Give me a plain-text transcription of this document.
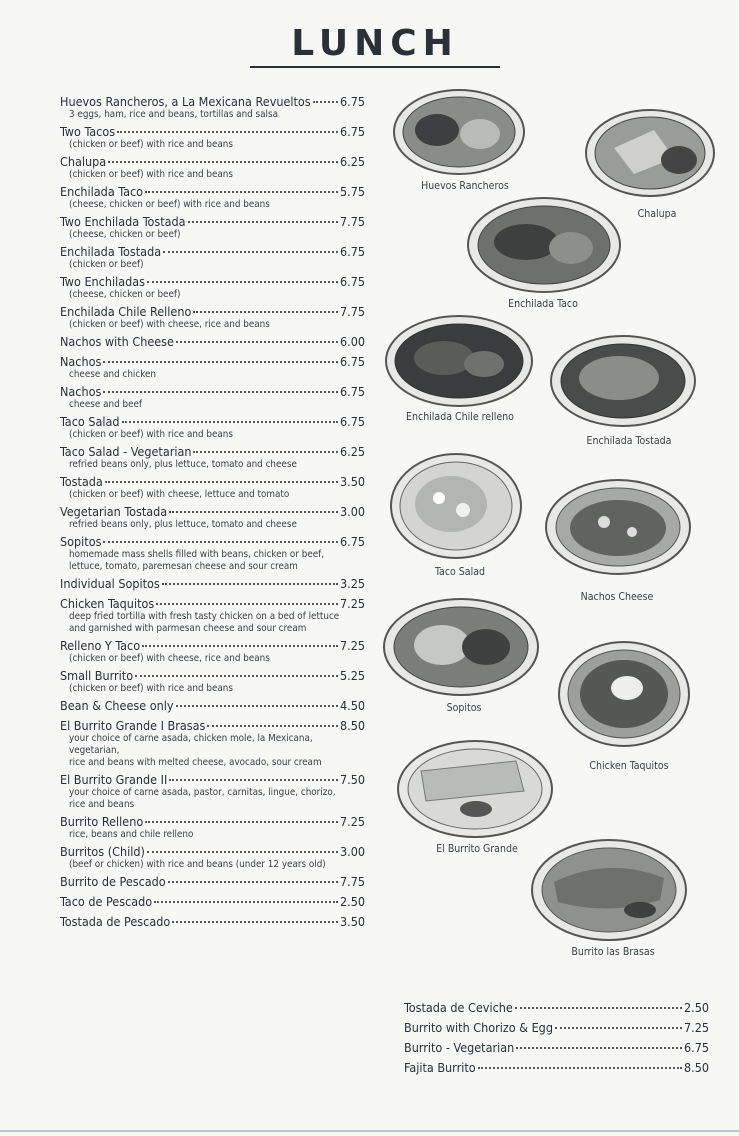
LUNCH
Huevos Rancheros, a La Mexicana Revueltos 6.75
3 eggs, ham, rice and beans, tortillas and salsa
Two Tacos	6.75
(chicken or beef) with rice and beans
Chalupa	6.25
(chicken or beef) with rice and beans
Enchilada Taco	5.75
(cheese, chicken or beef) with rice and beans
Two Enchilada Tostada	7.75
(cheese, chicken or beef)
Enchilada Tostada	6.75
(chicken or beef)
Two Enchiladas	6.75
(cheese, chicken or beef)
Enchilada Chile Relleno	7.75
(chicken or beef) with cheese, rice and beans
Nachos with Cheese	6.00
Nachos	6.75
cheese and chicken
Nachos	6.75
cheese and beef
Taco Salad	6.75
(chicken or beef) with rice and beans
Taco Salad - Vegetarian	6.25
refried beans only, plus lettuce, tomato and cheese
Tostada	3.50
(chicken or beef) with cheese, lettuce and tomato
Vegetarian Tostada	3.00
refried beans only, plus lettuce, tomato and cheese
Sopitos	6.75
homemade mass shells filled with beans, chicken or beef,
lettuce, tomato, paremesan cheese and sour cream
Individual Sopitos	3.25
Chicken Taquitos	7.25
deep fried tortilla with fresh tasty chicken on a bed of lettuce
and garnished with parmesan cheese and sour cream
Relleno Y Taco	7.25
(chicken or beef) with cheese, rice and beans
Small Burrito	5.25
(chicken or beef) with rice and beans
Bean & Cheese only	4.50
El Burrito Grande I Brasas	8.50
your choice of carne asada, chicken mole, la Mexicana, vegetarian,
rice and beans with melted cheese, avocado, sour cream
El Burrito Grande II	7.50
your choice of carne asada, pastor, carnitas, lingue, chorizo,
rice and beans
Burrito Relleno	7.25
rice, beans and chile relleno
Burritos (Child)	3.00
(beef or chicken) with rice and beans (under 12 years old)
Burrito de Pescado	7.75
Taco de Pescado	2.50
Tostada de Pescado	3.50
Tostada de Ceviche	2.50
Burrito with Chorizo & Egg	7.25
Burrito - Vegetarian	6.75
Fajita Burrito	8.50
Huevos Rancheros
Chalupa
Enchilada Taco
Enchilada Chile relleno
Enchilada Tostada
Taco Salad
Nachos Cheese
Sopitos
Chicken Taquitos
El Burrito Grande
Burrito las Brasas
